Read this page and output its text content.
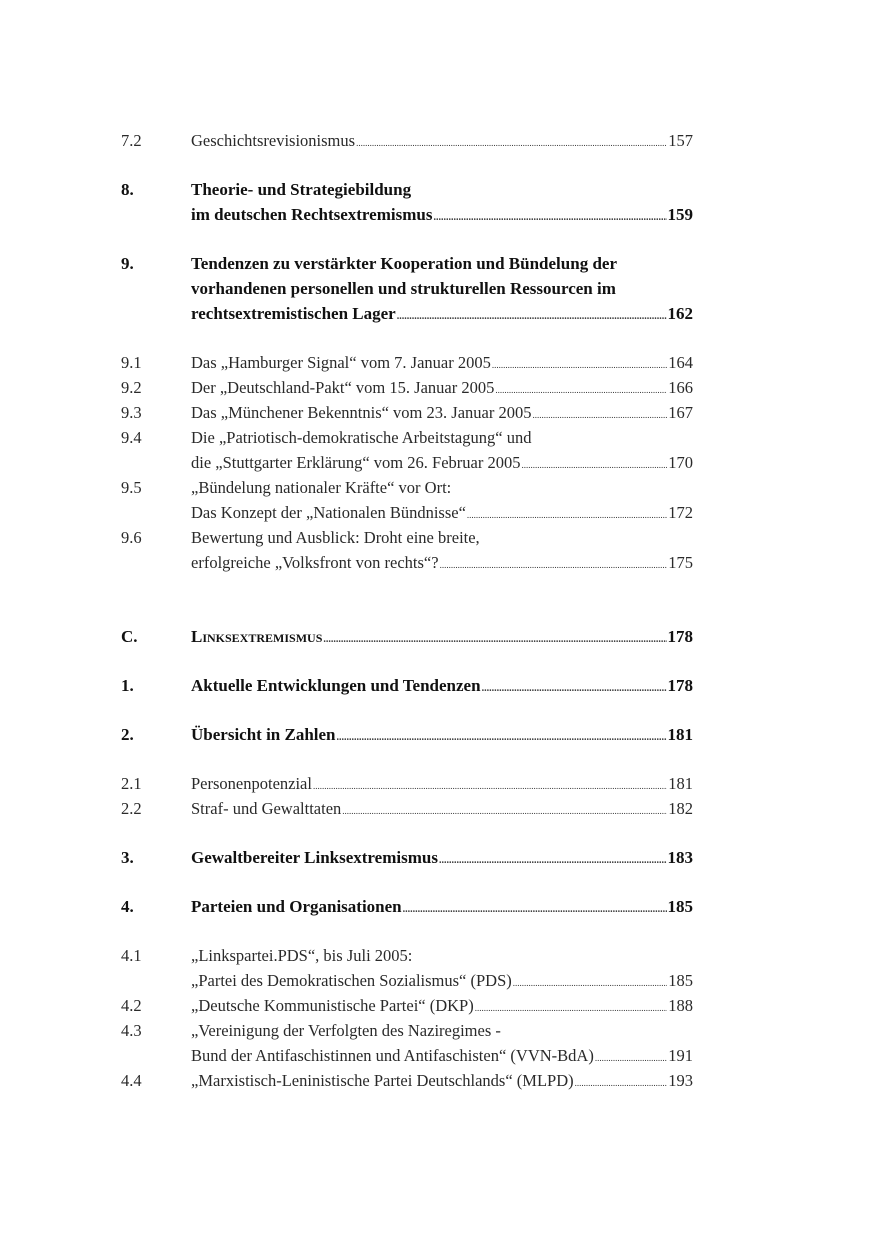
7.2	Geschichtsrevisionismus .....	157
8.	Theorie- und Strategiebildung
im deutschen Rechtsextremismus .....	159
9.	Tendenzen zu verstärkter Kooperation und Bündelung der
vorhandenen personellen und strukturellen Ressourcen im
rechtsextremistischen Lager .....	162
9.1	Das „Hamburger Signal“ vom 7. Januar 2005 .....	164
9.2	Der „Deutschland-Pakt“ vom 15. Januar 2005 .....	166
9.3	Das „Münchener Bekenntnis“ vom 23. Januar 2005 .....	167
9.4	Die „Patriotisch-demokratische Arbeitstagung“ und
die „Stuttgarter Erklärung“ vom 26. Februar 2005 .....	170
9.5	„Bündelung nationaler Kräfte“ vor Ort:
Das Konzept der „Nationalen Bündnisse“ .....	172
9.6	Bewertung und Ausblick: Droht eine breite,
erfolgreiche „Volksfront von rechts“? .....	175
C.	Linksextremismus .....	178
1.	Aktuelle Entwicklungen und Tendenzen .....	178
2.	Übersicht in Zahlen .....	181
2.1	Personenpotenzial .....	181
2.2	Straf- und Gewalttaten .....	182
3.	Gewaltbereiter Linksextremismus .....	183
4.	Parteien und Organisationen .....	185
4.1	„Linkspartei.PDS“, bis Juli 2005:
„Partei des Demokratischen Sozialismus“ (PDS) .....	185
4.2	„Deutsche Kommunistische Partei“ (DKP) .....	188
4.3	„Vereinigung der Verfolgten des Naziregimes -
Bund der Antifaschistinnen und Antifaschisten“ (VVN-BdA) .....	191
4.4	„Marxistisch-Leninistische Partei Deutschlands“ (MLPD) .....	193
